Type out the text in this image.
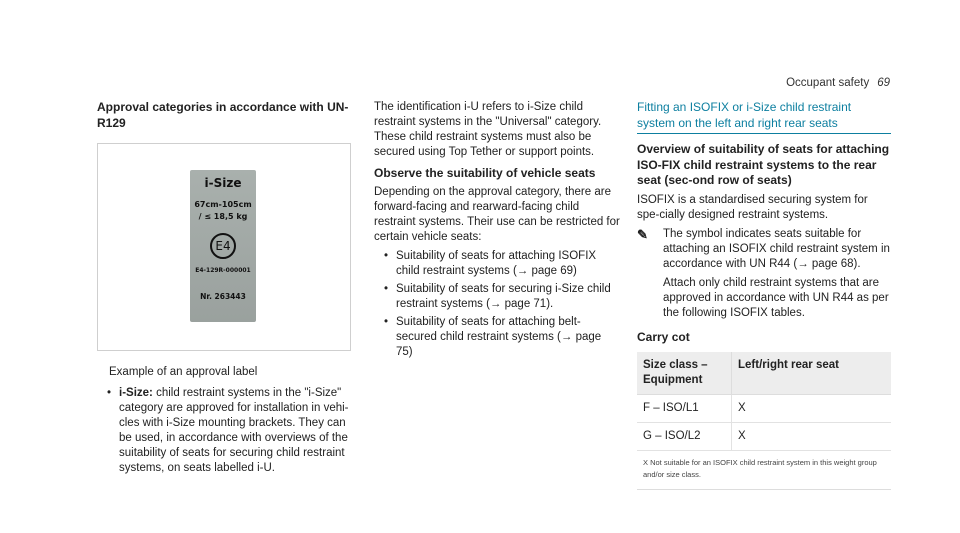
Occupant safety 69
Approval categories in accordance with UN-R129
i-Size
67cm-105cm
/ ≤ 18,5 kg
E4
E4-129R-000001
Nr. 263443

Example of an approval label

• i-Size: child restraint systems in the "i-Size" category are approved for installation in vehi-cles with i-Size mounting brackets. They can be used, in accordance with overviews of the suitability of seats for securing child restraint systems, on seats labelled i-U.

The identification i-U refers to i-Size child restraint systems in the "Universal" category. These child restraint systems must also be secured using Top Tether or support points.

Observe the suitability of vehicle seats

Depending on the approval category, there are forward-facing and rearward-facing child restraint systems. Their use can be restricted for certain vehicle seats:

• Suitability of seats for attaching ISOFIX child restraint systems (→ page 69)
• Suitability of seats for securing i-Size child restraint systems (→ page 71).
• Suitability of seats for attaching belt-secured child restraint systems (→ page 75)

Fitting an ISOFIX or i-Size child restraint system on the left and right rear seats

Overview of suitability of seats for attaching ISO-FIX child restraint systems to the rear seat (sec-ond row of seats)

ISOFIX is a standardised securing system for spe-cially designed restraint systems.

✎	The symbol indicates seats suitable for attaching an ISOFIX child restraint system in accordance with UN R44 (→ page 68).

Attach only child restraint systems that are approved in accordance with UN R44 as per the following ISOFIX tables.

Carry cot
Size class – Equipment	Left/right rear seat
F – ISO/L1	X
G – ISO/L2	X
X Not suitable for an ISOFIX child restraint system in this weight group and/or size class.	
